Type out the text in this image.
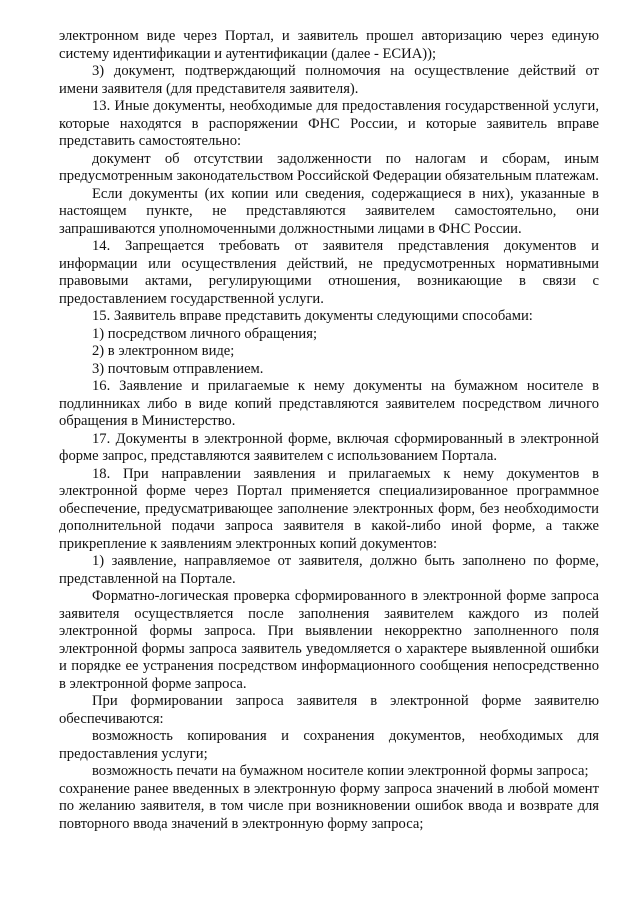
электронном виде через Портал, и заявитель прошел авторизацию через единую систему идентификации и аутентификации (далее - ЕСИА));

3) документ, подтверждающий полномочия на осуществление действий от имени заявителя (для представителя заявителя).

13. Иные документы, необходимые для предоставления государственной услуги, которые находятся в распоряжении ФНС России, и которые заявитель вправе представить самостоятельно:

документ об отсутствии задолженности по налогам и сборам, иным предусмотренным законодательством Российской Федерации обязательным платежам.

Если документы (их копии или сведения, содержащиеся в них), указанные в настоящем пункте, не представляются заявителем самостоятельно, они запрашиваются уполномоченными должностными лицами в ФНС России.

14. Запрещается требовать от заявителя представления документов и информации или осуществления действий, не предусмотренных нормативными правовыми актами, регулирующими отношения, возникающие в связи с предоставлением государственной услуги.

15. Заявитель вправе представить документы следующими способами:

1) посредством личного обращения;

2) в электронном виде;

3) почтовым отправлением.

16. Заявление и прилагаемые к нему документы на бумажном носителе в подлинниках либо в виде копий представляются заявителем посредством личного обращения в Министерство.

17. Документы в электронной форме, включая сформированный в электронной форме запрос, представляются заявителем с использованием Портала.

18. При направлении заявления и прилагаемых к нему документов в электронной форме через Портал применяется специализированное программное обеспечение, предусматривающее заполнение электронных форм, без необходимости дополнительной подачи запроса заявителя в какой-либо иной форме, а также прикрепление к заявлениям электронных копий документов:

1) заявление, направляемое от заявителя, должно быть заполнено по форме, представленной на Портале.

Форматно-логическая проверка сформированного в электронной форме запроса заявителя осуществляется после заполнения заявителем каждого из полей электронной формы запроса. При выявлении некорректно заполненного поля электронной формы запроса заявитель уведомляется о характере выявленной ошибки и порядке ее устранения посредством информационного сообщения непосредственно в электронной форме запроса.

При формировании запроса заявителя в электронной форме заявителю обеспечиваются:

возможность копирования и сохранения документов, необходимых для предоставления услуги;

возможность печати на бумажном носителе копии электронной формы запроса;

сохранение ранее введенных в электронную форму запроса значений в любой момент по желанию заявителя, в том числе при возникновении ошибок ввода и возврате для повторного ввода значений в электронную форму запроса;
